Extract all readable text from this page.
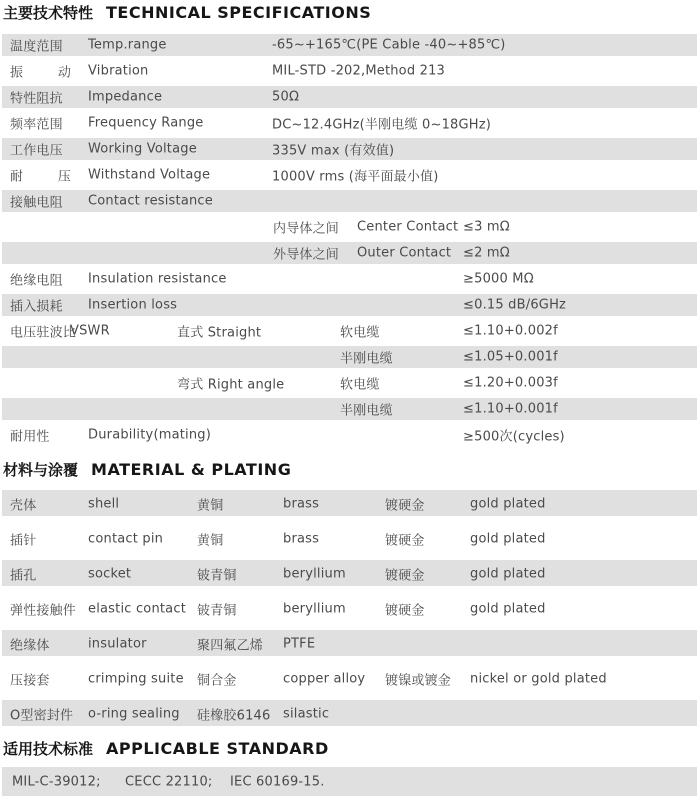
主要技术特性 TECHNICAL SPECIFICATIONS
温度范围 Temp.range	-65~+165℃(PE Cable -40~+85℃)
振        动 Vibration	MIL-STD -202,Method 213
特性阻抗 Impedance	50Ω
频率范围 Frequency Range	DC~12.4GHz(半刚电缆 0~18GHz)
工作电压 Working Voltage	335V max (有效值)
耐        压 Withstand Voltage	1000V rms (海平面最小值)
接触电阻 Contact resistance
内导体之间 Center Contact ≤3 mΩ
外导体之间 Outer Contact ≤2 mΩ
绝缘电阻 Insulation resistance	≥5000 MΩ
插入损耗 Insertion loss	≤0.15 dB/6GHz
电压驻波比
VSWR	直式 Straight	软电缆	≤1.10+0.002f
半刚电缆	≤1.05+0.001f
弯式 Right angle	软电缆	≤1.20+0.003f
半刚电缆	≤1.10+0.001f
耐用性	Durability(mating)	≥500次(cycles)
材料与涂覆 MATERIAL & PLATING
壳体	shell	黄铜	brass	镀硬金	gold plated
插针	contact pin	黄铜	brass	镀硬金	gold plated
插孔	socket	铍青铜	beryllium	镀硬金	gold plated
弹性接触件 elastic contact 铍青铜	beryllium	镀硬金	gold plated
绝缘体	insulator	聚四氟乙烯 PTFE
压接套	crimping suite 铜合金	copper alloy 镀镍或镀金 nickel or gold plated
O型密封件 o-ring sealing 硅橡胶6146 silastic
适用技术标准 APPLICABLE STANDARD
MIL-C-39012; CECC 22110; IEC 60169-15.
